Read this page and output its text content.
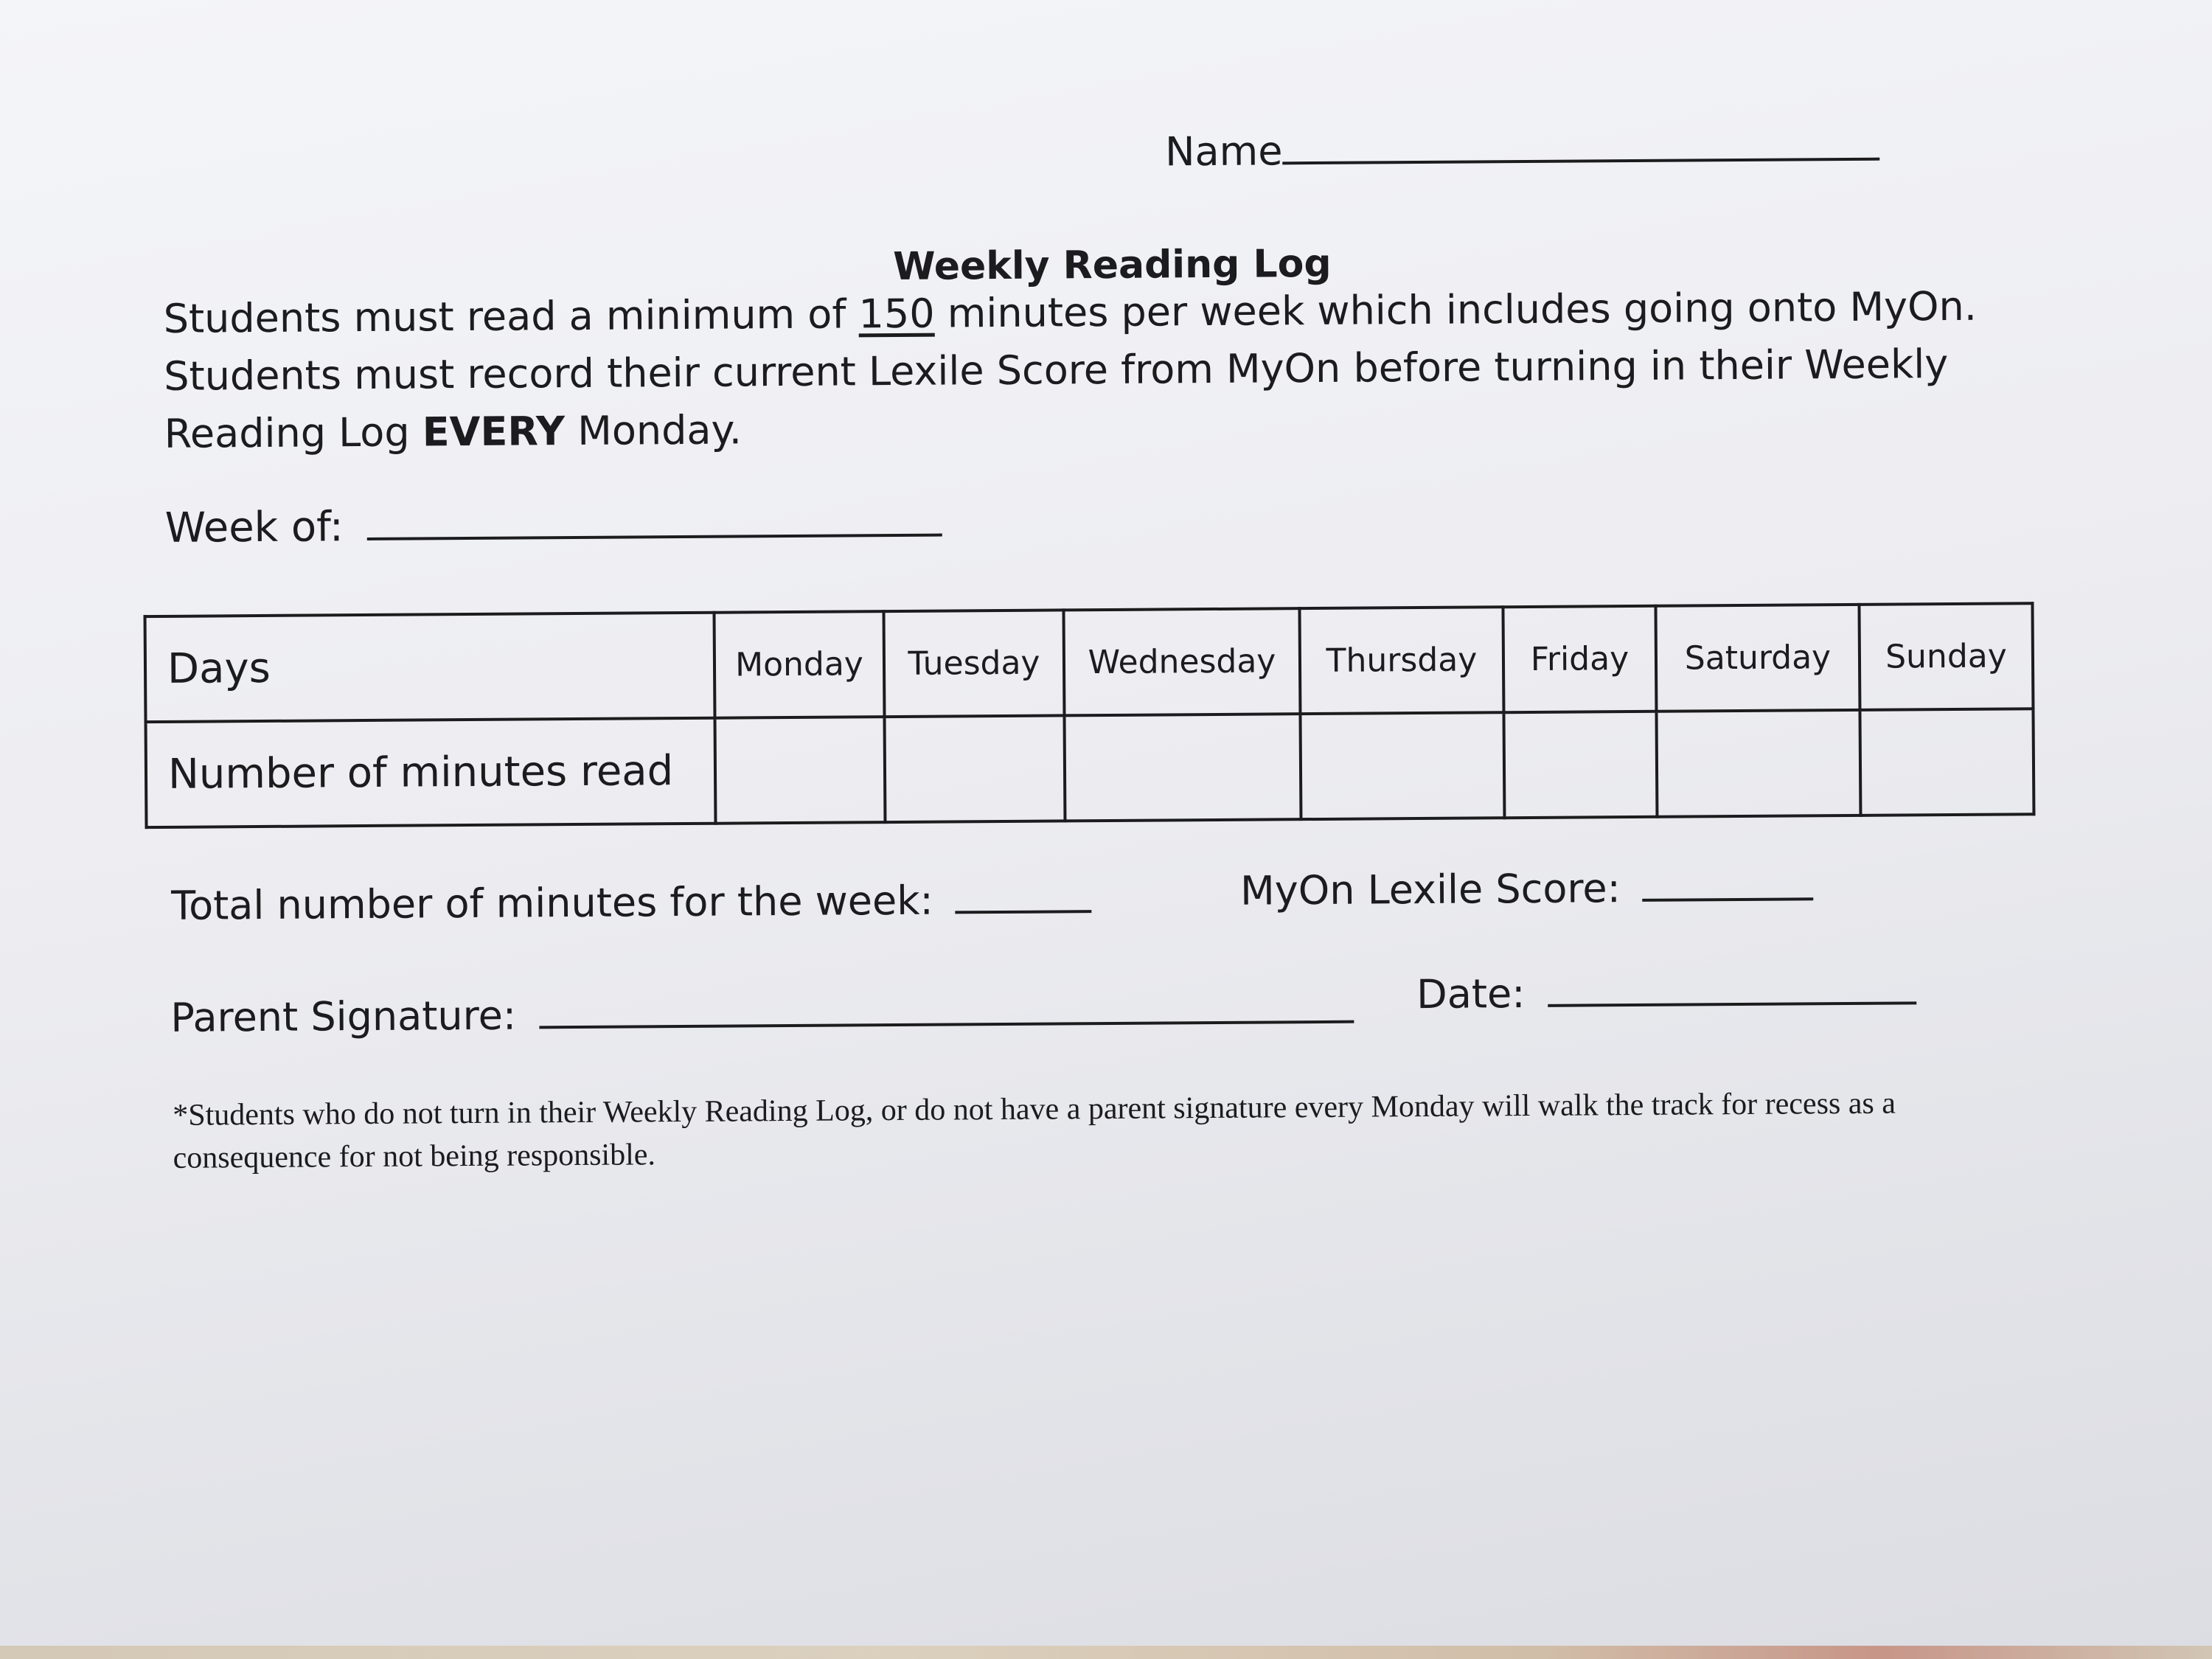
Name
Weekly Reading Log
Students must read a minimum of 150 minutes per week which includes going onto MyOn. Students must record their current Lexile Score from MyOn before turning in their Weekly Reading Log EVERY Monday.
Week of:
Days	Monday	Tuesday	Wednesday	Thursday	Friday	Saturday	Sunday
Number of minutes read							
Total number of minutes for the week:	MyOn Lexile Score:
Parent Signature:	Date:
*Students who do not turn in their Weekly Reading Log, or do not have a parent signature every Monday will walk the track for recess as a consequence for not being responsible.
